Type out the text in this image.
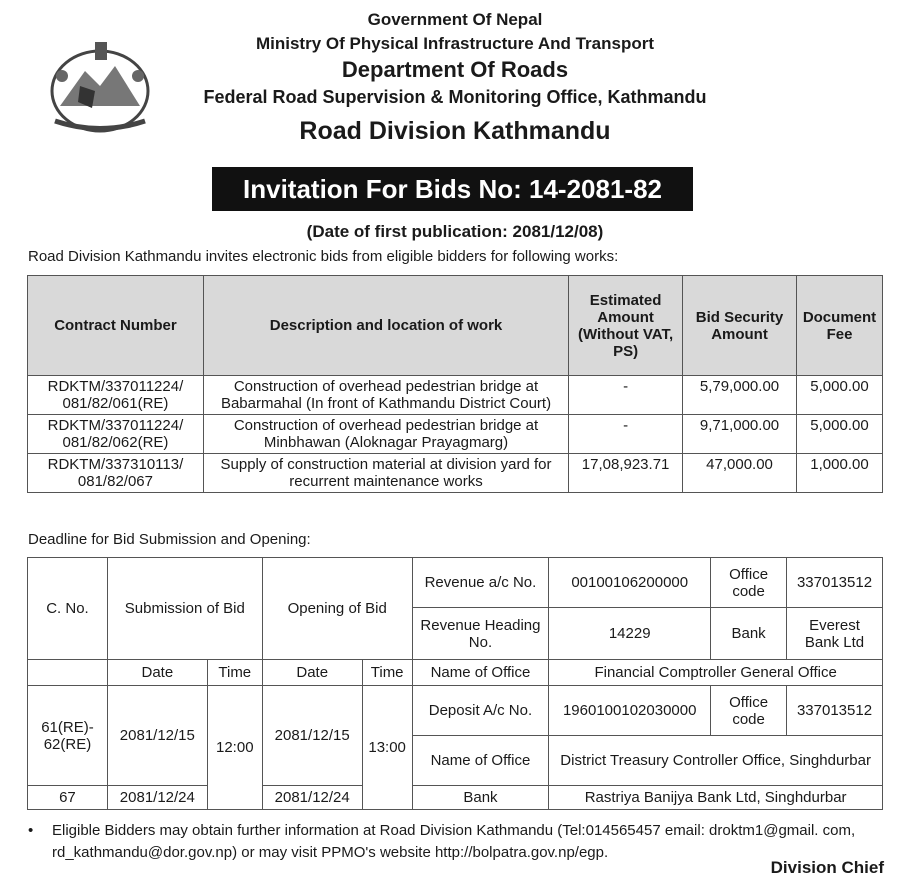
Government Of Nepal
Ministry Of Physical Infrastructure And Transport
Department Of Roads
Federal Road Supervision & Monitoring Office, Kathmandu
Road Division Kathmandu
Invitation For Bids No: 14-2081-82
(Date of first publication: 2081/12/08)
Road Division Kathmandu invites electronic bids from eligible bidders for following works:
Contract Number	Description and location of work	Estimated Amount (Without VAT, PS)	Bid Security Amount	Document Fee
RDKTM/337011224/ 081/82/061(RE)	Construction of overhead pedestrian bridge at Babarmahal (In front of Kathmandu District Court)	-	5,79,000.00	5,000.00
RDKTM/337011224/ 081/82/062(RE)	Construction of overhead pedestrian bridge at Minbhawan (Aloknagar Prayagmarg)	-	9,71,000.00	5,000.00
RDKTM/337310113/ 081/82/067	Supply of construction material at division yard for recurrent maintenance works	17,08,923.71	47,000.00	1,000.00
Deadline for Bid Submission and Opening:
C. No.	Submission of Bid		Opening of Bid		Revenue a/c No.	00100106200000	Office code	337013512
					Revenue Heading No.	14229	Bank	Everest Bank Ltd
	Date	Time	Date	Time	Name of Office	Financial Comptroller General Office		
61(RE)- 62(RE)	2081/12/15	12:00	2081/12/15	13:00	Deposit A/c No.	1960100102030000	Office code	337013512
					Name of Office	District Treasury Controller Office, Singhdurbar		
67	2081/12/24		2081/12/24		Bank	Rastriya Banijya Bank Ltd, Singhdurbar		
• Eligible Bidders may obtain further information at Road Division Kathmandu (Tel:014565457 email: droktm1@gmail. com, rd_kathmandu@dor.gov.np) or may visit PPMO's website http://bolpatra.gov.np/egp.
Division Chief
